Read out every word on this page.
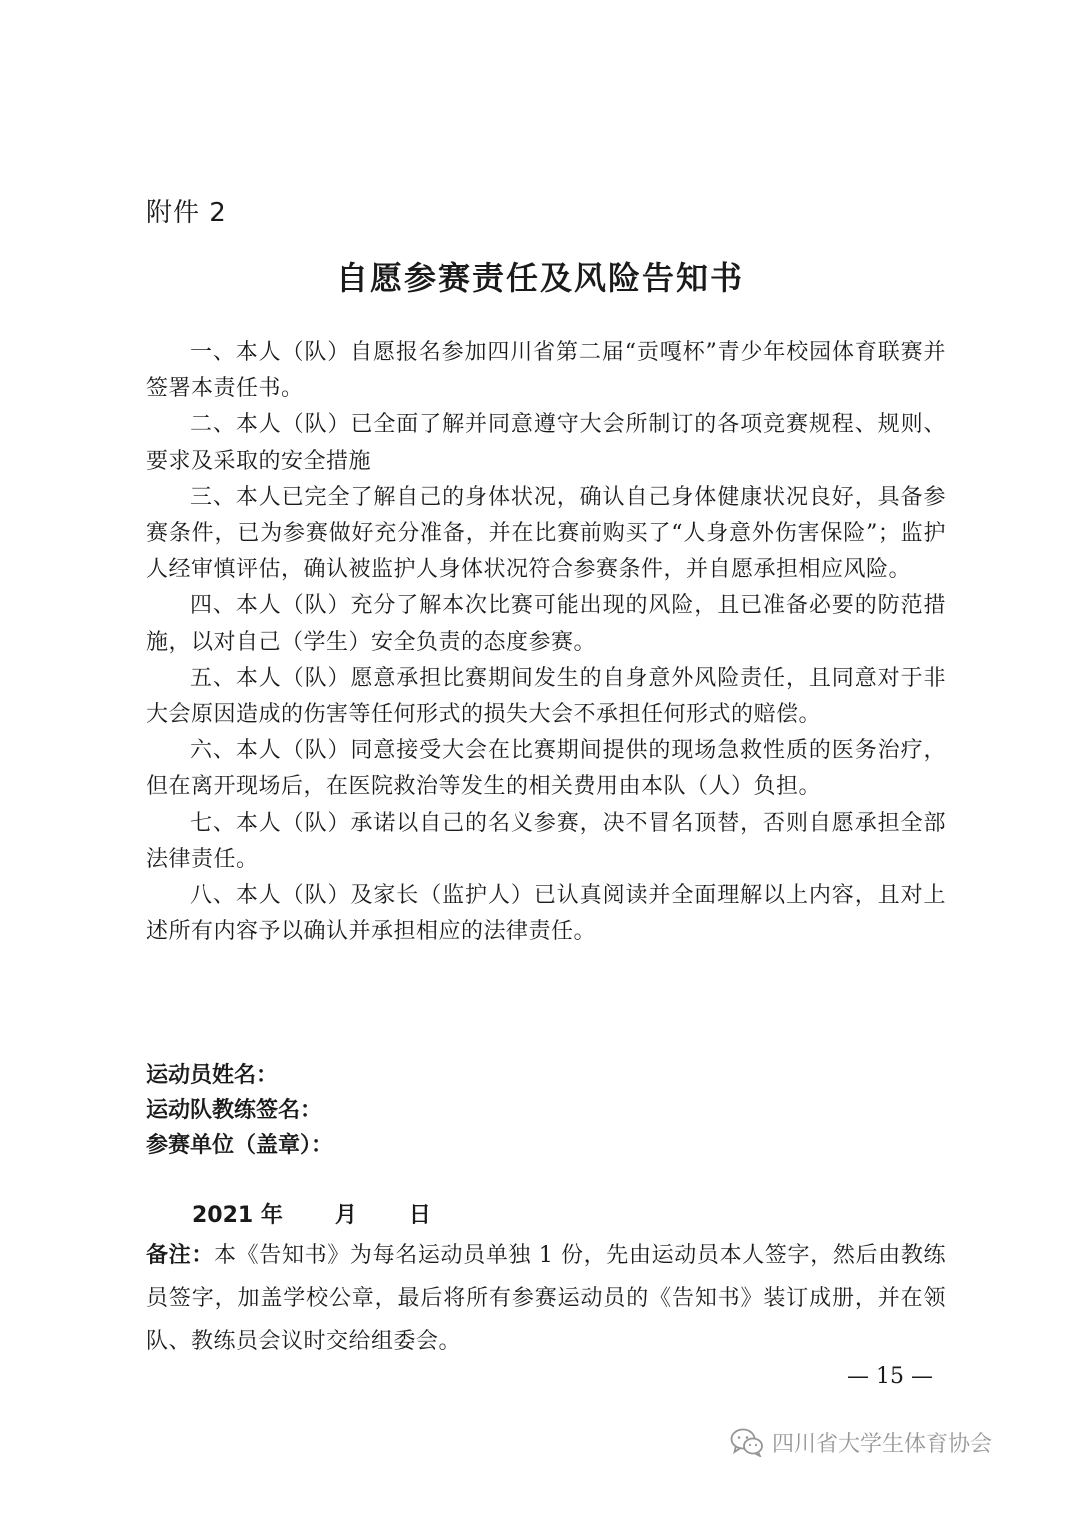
附件 2
自愿参赛责任及风险告知书

一、本人（队）自愿报名参加四川省第二届“贡嘎杯”青少年校园体育联赛并签署本责任书。

二、本人（队）已全面了解并同意遵守大会所制订的各项竞赛规程、规则、要求及采取的安全措施

三、本人已完全了解自己的身体状况，确认自己身体健康状况良好，具备参赛条件，已为参赛做好充分准备，并在比赛前购买了“人身意外伤害保险”；监护人经审慎评估，确认被监护人身体状况符合参赛条件，并自愿承担相应风险。

四、本人（队）充分了解本次比赛可能出现的风险，且已准备必要的防范措施，以对自己（学生）安全负责的态度参赛。

五、本人（队）愿意承担比赛期间发生的自身意外风险责任，且同意对于非大会原因造成的伤害等任何形式的损失大会不承担任何形式的赔偿。

六、本人（队）同意接受大会在比赛期间提供的现场急救性质的医务治疗，但在离开现场后，在医院救治等发生的相关费用由本队（人）负担。

七、本人（队）承诺以自己的名义参赛，决不冒名顶替，否则自愿承担全部法律责任。

八、本人（队）及家长（监护人）已认真阅读并全面理解以上内容，且对上述所有内容予以确认并承担相应的法律责任。

运动员姓名：
运动队教练签名：
参赛单位（盖章）：

2021 年 月 日

备注：本《告知书》为每名运动员单独 1 份，先由运动员本人签字，然后由教练员签字，加盖学校公章，最后将所有参赛运动员的《告知书》装订成册，并在领队、教练员会议时交给组委会。
— 15 —
四川省大学生体育协会
